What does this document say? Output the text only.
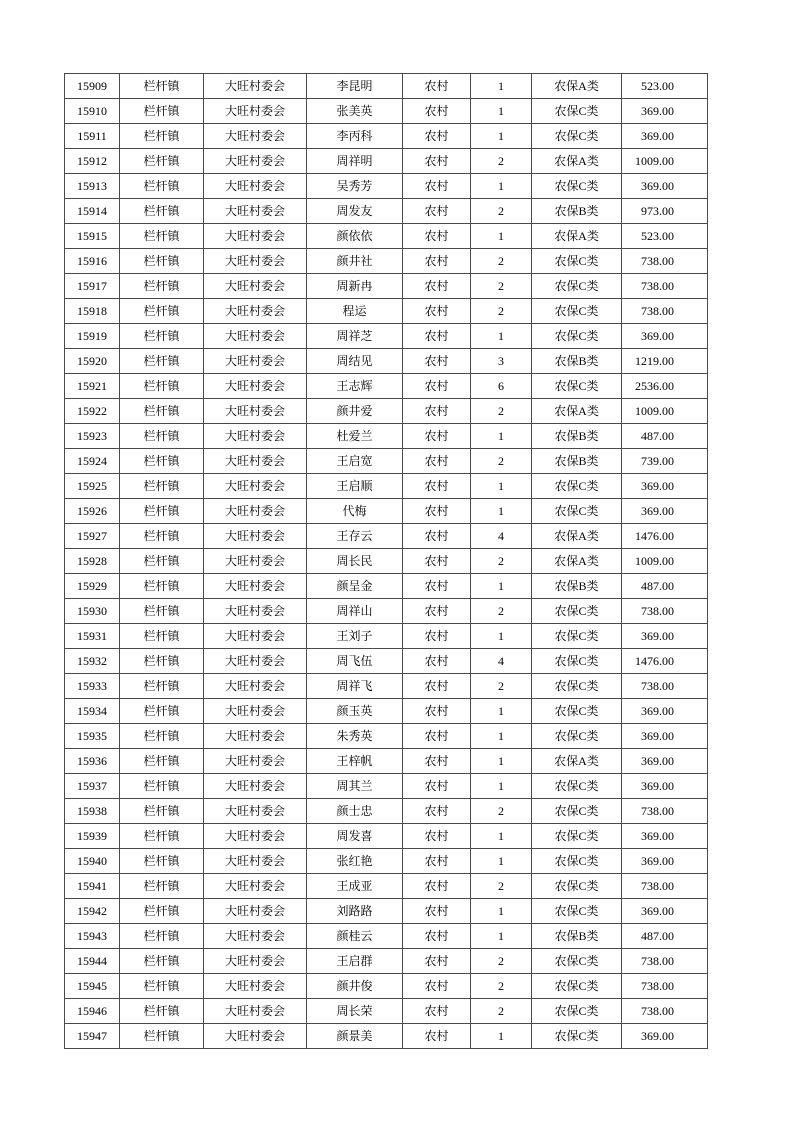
15909	栏杆镇	大旺村委会	李昆明	农村	1	农保A类	523.00
15910	栏杆镇	大旺村委会	张美英	农村	1	农保C类	369.00
15911	栏杆镇	大旺村委会	李丙科	农村	1	农保C类	369.00
15912	栏杆镇	大旺村委会	周祥明	农村	2	农保A类	1009.00
15913	栏杆镇	大旺村委会	吴秀芳	农村	1	农保C类	369.00
15914	栏杆镇	大旺村委会	周发友	农村	2	农保B类	973.00
15915	栏杆镇	大旺村委会	颜依依	农村	1	农保A类	523.00
15916	栏杆镇	大旺村委会	颜井社	农村	2	农保C类	738.00
15917	栏杆镇	大旺村委会	周新冉	农村	2	农保C类	738.00
15918	栏杆镇	大旺村委会	程运	农村	2	农保C类	738.00
15919	栏杆镇	大旺村委会	周祥芝	农村	1	农保C类	369.00
15920	栏杆镇	大旺村委会	周结见	农村	3	农保B类	1219.00
15921	栏杆镇	大旺村委会	王志辉	农村	6	农保C类	2536.00
15922	栏杆镇	大旺村委会	颜井爱	农村	2	农保A类	1009.00
15923	栏杆镇	大旺村委会	杜爱兰	农村	1	农保B类	487.00
15924	栏杆镇	大旺村委会	王启宽	农村	2	农保B类	739.00
15925	栏杆镇	大旺村委会	王启顺	农村	1	农保C类	369.00
15926	栏杆镇	大旺村委会	代梅	农村	1	农保C类	369.00
15927	栏杆镇	大旺村委会	王存云	农村	4	农保A类	1476.00
15928	栏杆镇	大旺村委会	周长民	农村	2	农保A类	1009.00
15929	栏杆镇	大旺村委会	颜呈金	农村	1	农保B类	487.00
15930	栏杆镇	大旺村委会	周祥山	农村	2	农保C类	738.00
15931	栏杆镇	大旺村委会	王刘子	农村	1	农保C类	369.00
15932	栏杆镇	大旺村委会	周飞伍	农村	4	农保C类	1476.00
15933	栏杆镇	大旺村委会	周祥飞	农村	2	农保C类	738.00
15934	栏杆镇	大旺村委会	颜玉英	农村	1	农保C类	369.00
15935	栏杆镇	大旺村委会	朱秀英	农村	1	农保C类	369.00
15936	栏杆镇	大旺村委会	王梓帆	农村	1	农保A类	369.00
15937	栏杆镇	大旺村委会	周其兰	农村	1	农保C类	369.00
15938	栏杆镇	大旺村委会	颜士忠	农村	2	农保C类	738.00
15939	栏杆镇	大旺村委会	周发喜	农村	1	农保C类	369.00
15940	栏杆镇	大旺村委会	张红艳	农村	1	农保C类	369.00
15941	栏杆镇	大旺村委会	王成亚	农村	2	农保C类	738.00
15942	栏杆镇	大旺村委会	刘路路	农村	1	农保C类	369.00
15943	栏杆镇	大旺村委会	颜桂云	农村	1	农保B类	487.00
15944	栏杆镇	大旺村委会	王启群	农村	2	农保C类	738.00
15945	栏杆镇	大旺村委会	颜井俊	农村	2	农保C类	738.00
15946	栏杆镇	大旺村委会	周长荣	农村	2	农保C类	738.00
15947	栏杆镇	大旺村委会	颜景美	农村	1	农保C类	369.00
